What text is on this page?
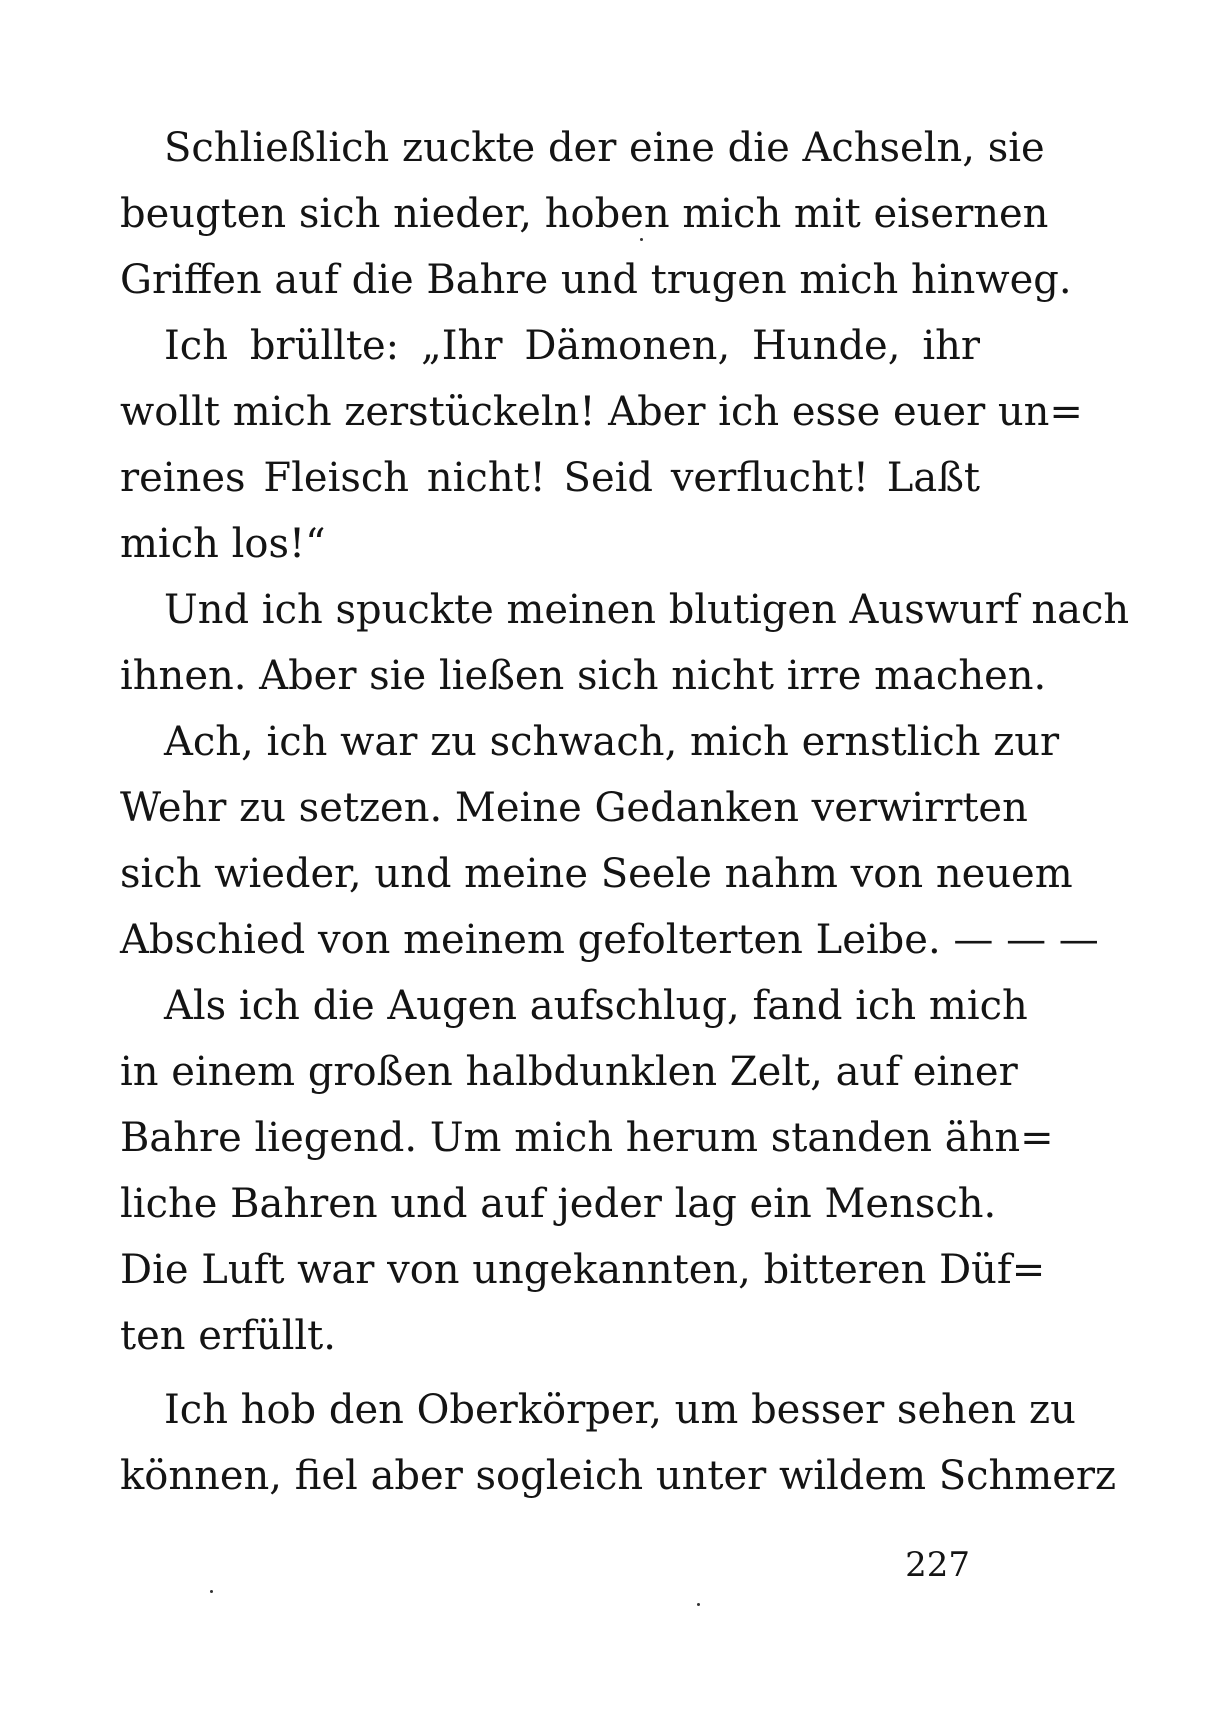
Schließlich zuckte der eine die Achseln, sie
beugten sich nieder, hoben mich mit eisernen
Griffen auf die Bahre und trugen mich hinweg.
Ich brüllte: „Ihr Dämonen, Hunde, ihr
wollt mich zerstückeln! Aber ich esse euer un=
reines Fleisch nicht! Seid verflucht! Laßt
mich los!“
Und ich spuckte meinen blutigen Auswurf nach
ihnen. Aber sie ließen sich nicht irre machen.
Ach, ich war zu schwach, mich ernstlich zur
Wehr zu setzen. Meine Gedanken verwirrten
sich wieder, und meine Seele nahm von neuem
Abschied von meinem gefolterten Leibe. — — —
Als ich die Augen aufschlug, fand ich mich
in einem großen halbdunklen Zelt, auf einer
Bahre liegend. Um mich herum standen ähn=
liche Bahren und auf jeder lag ein Mensch.
Die Luft war von ungekannten, bitteren Düf=
ten erfüllt.
Ich hob den Oberkörper, um besser sehen zu
können, fiel aber sogleich unter wildem Schmerz
227
